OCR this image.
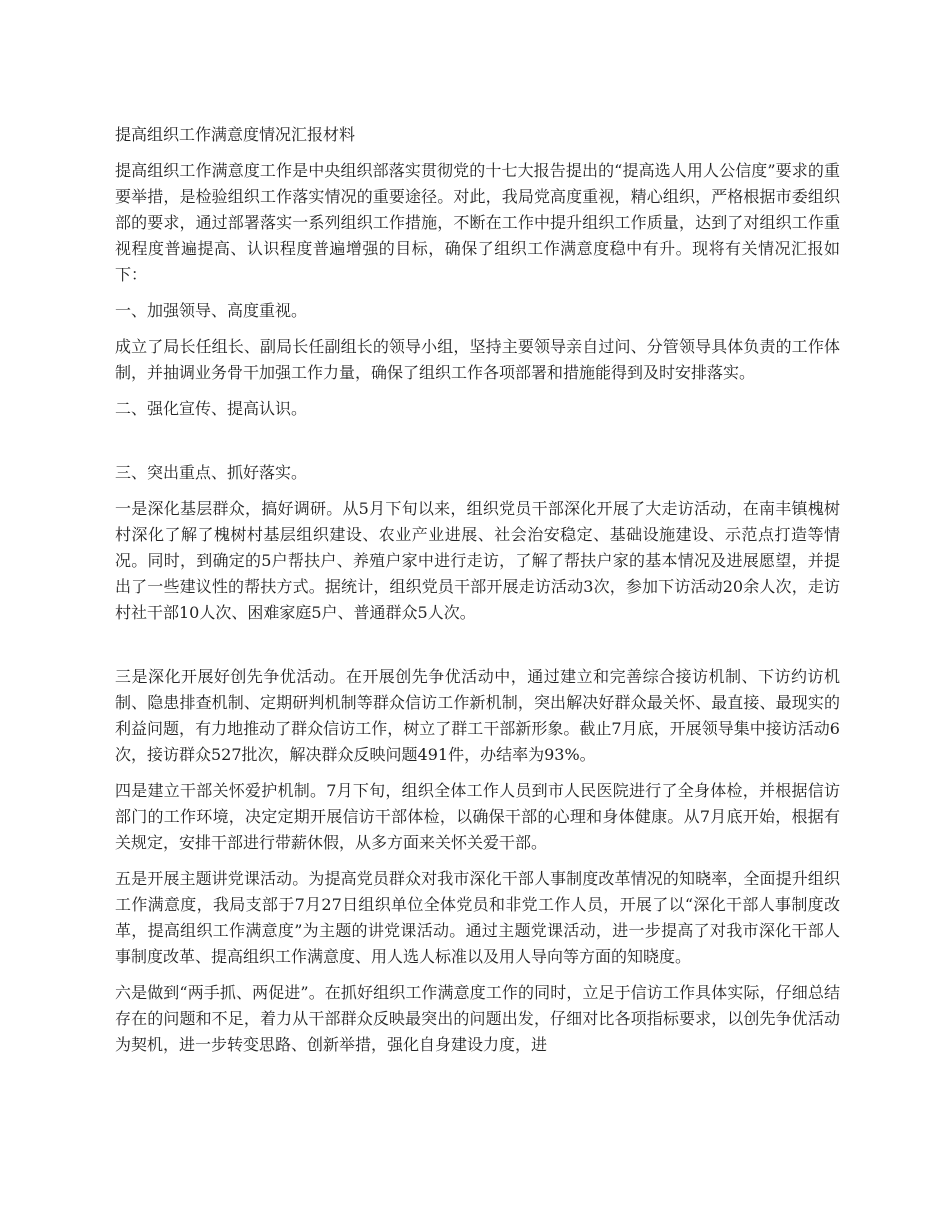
提高组织工作满意度情况汇报材料

提高组织工作满意度工作是中央组织部落实贯彻党的十七大报告提出的“提高选人用人公信度”要求的重要举措，是检验组织工作落实情况的重要途径。对此，我局党高度重视，精心组织，严格根据市委组织部的要求，通过部署落实一系列组织工作措施，不断在工作中提升组织工作质量，达到了对组织工作重视程度普遍提高、认识程度普遍增强的目标，确保了组织工作满意度稳中有升。现将有关情况汇报如下：

一、加强领导、高度重视。

成立了局长任组长、副局长任副组长的领导小组，坚持主要领导亲自过问、分管领导具体负责的工作体制，并抽调业务骨干加强工作力量，确保了组织工作各项部署和措施能得到及时安排落实。

二、强化宣传、提高认识。

三、突出重点、抓好落实。

一是深化基层群众，搞好调研。从5月下旬以来，组织党员干部深化开展了大走访活动，在南丰镇槐树村深化了解了槐树村基层组织建设、农业产业进展、社会治安稳定、基础设施建设、示范点打造等情况。同时，到确定的5户帮扶户、养殖户家中进行走访，了解了帮扶户家的基本情况及进展愿望，并提出了一些建议性的帮扶方式。据统计，组织党员干部开展走访活动3次，参加下访活动20余人次，走访村社干部10人次、困难家庭5户、普通群众5人次。

三是深化开展好创先争优活动。在开展创先争优活动中，通过建立和完善综合接访机制、下访约访机制、隐患排查机制、定期研判机制等群众信访工作新机制，突出解决好群众最关怀、最直接、最现实的利益问题，有力地推动了群众信访工作，树立了群工干部新形象。截止7月底，开展领导集中接访活动6次，接访群众527批次，解决群众反映问题491件，办结率为93%。

四是建立干部关怀爱护机制。7月下旬，组织全体工作人员到市人民医院进行了全身体检，并根据信访部门的工作环境，决定定期开展信访干部体检，以确保干部的心理和身体健康。从7月底开始，根据有关规定，安排干部进行带薪休假，从多方面来关怀关爱干部。

五是开展主题讲党课活动。为提高党员群众对我市深化干部人事制度改革情况的知晓率，全面提升组织工作满意度，我局支部于7月27日组织单位全体党员和非党工作人员，开展了以“深化干部人事制度改革，提高组织工作满意度”为主题的讲党课活动。通过主题党课活动，进一步提高了对我市深化干部人事制度改革、提高组织工作满意度、用人选人标准以及用人导向等方面的知晓度。

六是做到“两手抓、两促进”。在抓好组织工作满意度工作的同时，立足于信访工作具体实际，仔细总结存在的问题和不足，着力从干部群众反映最突出的问题出发，仔细对比各项指标要求，以创先争优活动为契机，进一步转变思路、创新举措，强化自身建设力度，进
